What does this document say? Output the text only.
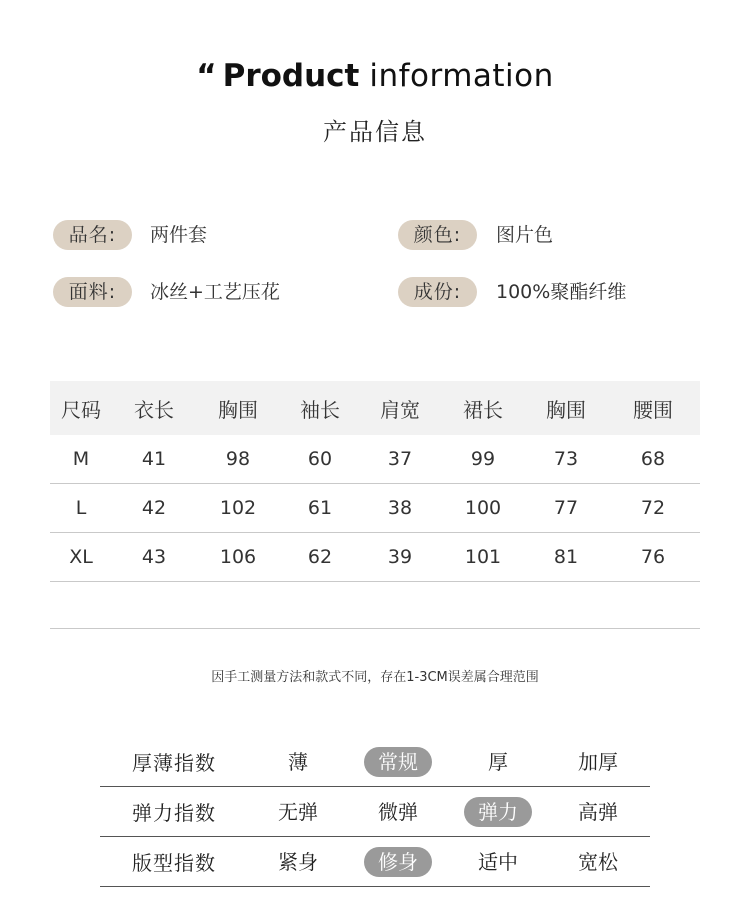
“ Product information
产品信息
品名:	两件套	颜色:	图片色
面料:	冰丝+工艺压花	成份:	100%聚酯纤维
尺码	衣长	胸围	袖长	肩宽	裙长	胸围	腰围
M	41	98	60	37	99	73	68
L	42	102	61	38	100	77	72
XL	43	106	62	39	101	81	76
因手工测量方法和款式不同，存在1-3CM误差属合理范围
厚薄指数	薄	常规	厚	加厚
弹力指数	无弹	微弹	弹力	高弹
版型指数	紧身	修身	适中	宽松
